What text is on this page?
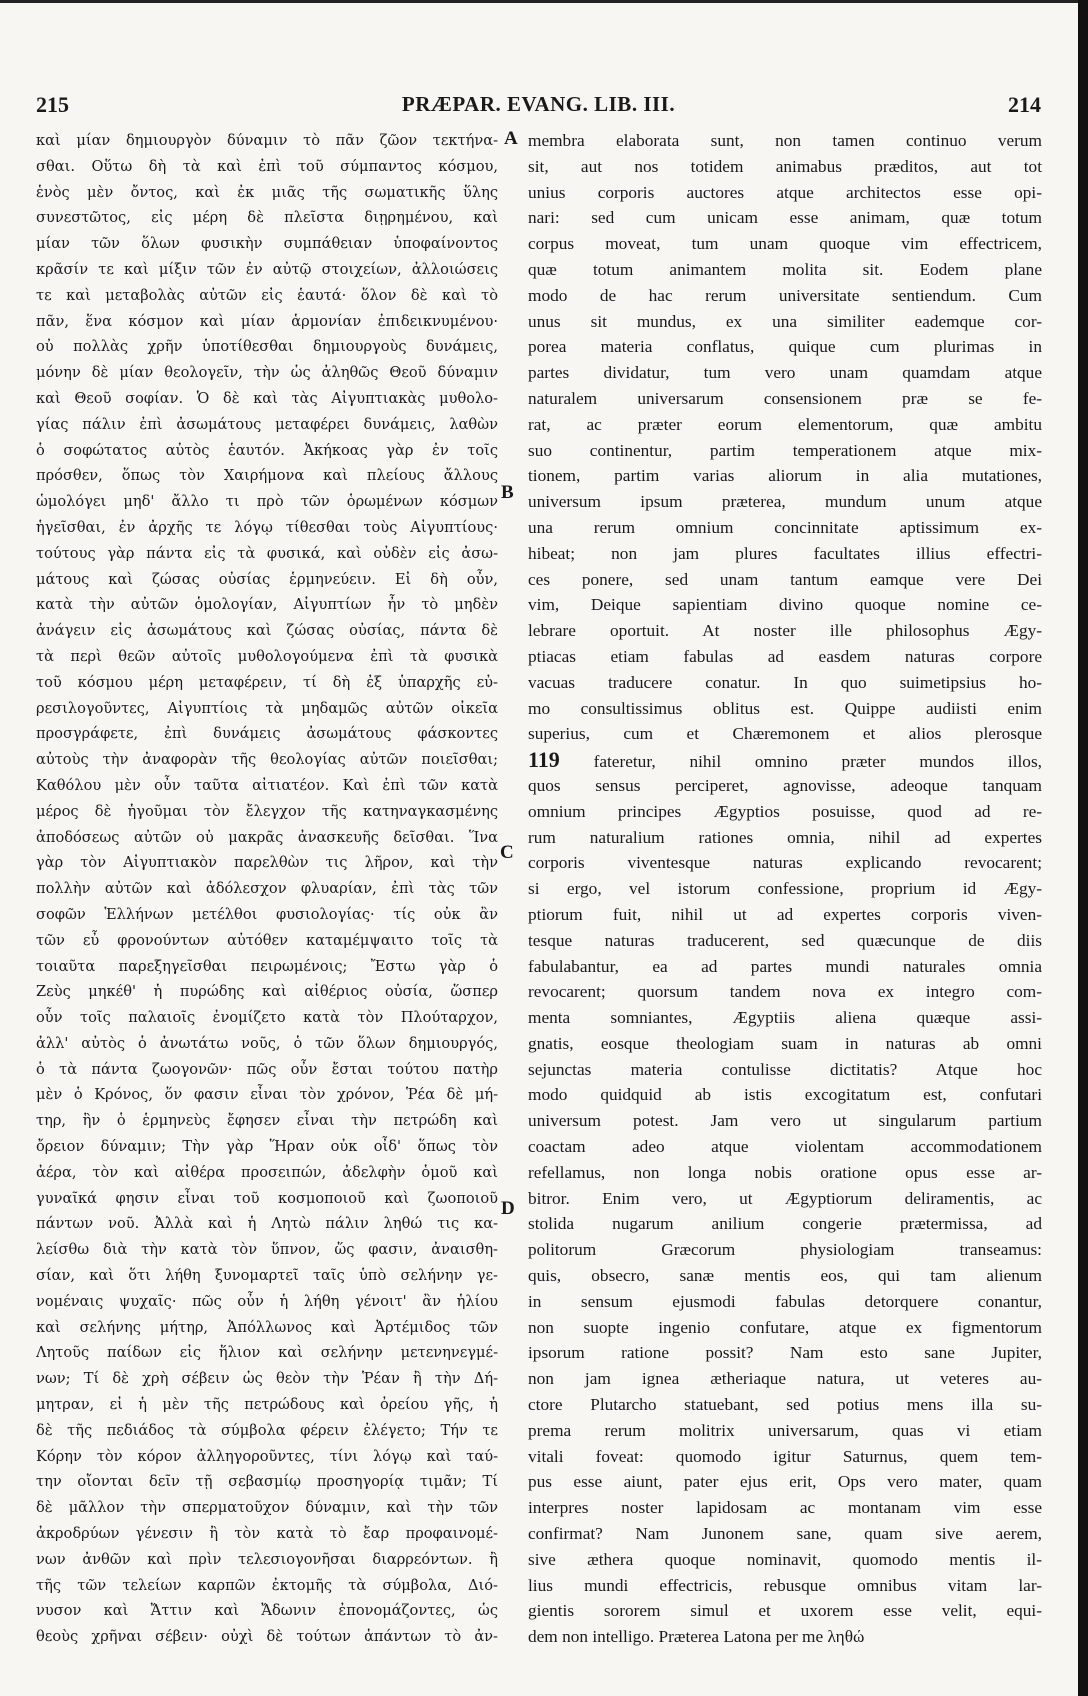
215	PRÆPAR. EVANG. LIB. III.	214
A
B
C
D
καὶ μίαν δημιουργὸν δύναμιν τὸ πᾶν ζῶον τεκτήνα-
σθαι. Οὕτω δὴ τὰ καὶ ἐπὶ τοῦ σύμπαντος κόσμου,
ἑνὸς μὲν ὄντος, καὶ ἐκ μιᾶς τῆς σωματικῆς ὕλης
συνεστῶτος, εἰς μέρη δὲ πλεῖστα διῃρημένου, καὶ
μίαν τῶν ὅλων φυσικὴν συμπάθειαν ὑποφαίνοντος
κρᾶσίν τε καὶ μίξιν τῶν ἐν αὐτῷ στοιχείων, ἀλλοιώσεις
τε καὶ μεταβολὰς αὐτῶν εἰς ἑαυτά· ὅλον δὲ καὶ τὸ
πᾶν, ἕνα κόσμον καὶ μίαν ἁρμονίαν ἐπιδεικνυμένου·
οὐ πολλὰς χρῆν ὑποτίθεσθαι δημιουργοὺς δυνάμεις,
μόνην δὲ μίαν θεολογεῖν, τὴν ὡς ἀληθῶς Θεοῦ δύναμιν
καὶ Θεοῦ σοφίαν. Ὁ δὲ καὶ τὰς Αἰγυπτιακὰς μυθολο-
γίας πάλιν ἐπὶ ἀσωμάτους μεταφέρει δυνάμεις, λαθὼν
ὁ σοφώτατος αὐτὸς ἑαυτόν. Ἀκήκοας γὰρ ἐν τοῖς
πρόσθεν, ὅπως τὸν Χαιρήμονα καὶ πλείους ἄλλους
ὡμολόγει μηδ' ἄλλο τι πρὸ τῶν ὁρωμένων κόσμων
ἡγεῖσθαι, ἐν ἀρχῆς τε λόγῳ τίθεσθαι τοὺς Αἰγυπτίους·
τούτους γὰρ πάντα εἰς τὰ φυσικά, καὶ οὐδὲν εἰς ἀσω-
μάτους καὶ ζώσας οὐσίας ἑρμηνεύειν. Εἰ δὴ οὖν,
κατὰ τὴν αὐτῶν ὁμολογίαν, Αἰγυπτίων ἦν τὸ μηδὲν
ἀνάγειν εἰς ἀσωμάτους καὶ ζώσας οὐσίας, πάντα δὲ
τὰ περὶ θεῶν αὐτοῖς μυθολογούμενα ἐπὶ τὰ φυσικὰ
τοῦ κόσμου μέρη μεταφέρειν, τί δὴ ἐξ ὑπαρχῆς εὐ-
ρεσιλογοῦντες, Αἰγυπτίοις τὰ μηδαμῶς αὐτῶν οἰκεῖα
προσγράφετε, ἐπὶ δυνάμεις ἀσωμάτους φάσκοντες
αὐτοὺς τὴν ἀναφορὰν τῆς θεολογίας αὐτῶν ποιεῖσθαι;
Καθόλου μὲν οὖν ταῦτα αἰτιατέον. Καὶ ἐπὶ τῶν κατὰ
μέρος δὲ ἡγοῦμαι τὸν ἔλεγχον τῆς κατηναγκασμένης
ἀποδόσεως αὐτῶν οὐ μακρᾶς ἀνασκευῆς δεῖσθαι. Ἵνα
γὰρ τὸν Αἰγυπτιακὸν παρελθὼν τις λῆρον, καὶ τὴν
πολλὴν αὐτῶν καὶ ἀδόλεσχον φλυαρίαν, ἐπὶ τὰς τῶν
σοφῶν Ἑλλήνων μετέλθοι φυσιολογίας· τίς οὐκ ἂν
τῶν εὖ φρονούντων αὐτόθεν καταμέμψαιτο τοῖς τὰ
τοιαῦτα παρεξηγεῖσθαι πειρωμένοις; Ἔστω γὰρ ὁ
Ζεὺς μηκέθ' ἡ πυρώδης καὶ αἰθέριος οὐσία, ὥσπερ
οὖν τοῖς παλαιοῖς ἐνομίζετο κατὰ τὸν Πλούταρχον,
ἀλλ' αὐτὸς ὁ ἀνωτάτω νοῦς, ὁ τῶν ὅλων δημιουργός,
ὁ τὰ πάντα ζωογονῶν· πῶς οὖν ἔσται τούτου πατὴρ
μὲν ὁ Κρόνος, ὅν φασιν εἶναι τὸν χρόνον, Ῥέα δὲ μή-
τηρ, ἣν ὁ ἑρμηνεὺς ἔφησεν εἶναι τὴν πετρώδη καὶ
ὄρειον δύναμιν; Τὴν γὰρ Ἥραν οὐκ οἶδ' ὅπως τὸν
ἀέρα, τὸν καὶ αἰθέρα προσειπών, ἀδελφὴν ὁμοῦ καὶ
γυναῖκά φησιν εἶναι τοῦ κοσμοποιοῦ καὶ ζωοποιοῦ
πάντων νοῦ. Ἀλλὰ καὶ ἡ Λητὼ πάλιν ληθώ τις κα-
λείσθω διὰ τὴν κατὰ τὸν ὕπνον, ὥς φασιν, ἀναισθη-
σίαν, καὶ ὅτι λήθη ξυνομαρτεῖ ταῖς ὑπὸ σελήνην γε-
νομέναις ψυχαῖς· πῶς οὖν ἡ λήθη γένοιτ' ἂν ἡλίου
καὶ σελήνης μήτηρ, Ἀπόλλωνος καὶ Ἀρτέμιδος τῶν
Λητοῦς παίδων εἰς ἥλιον καὶ σελήνην μετενηνεγμέ-
νων; Τί δὲ χρὴ σέβειν ὡς θεὸν τὴν Ῥέαν ἢ τὴν Δή-
μητραν, εἰ ἡ μὲν τῆς πετρώδους καὶ ὀρείου γῆς, ἡ
δὲ τῆς πεδιάδος τὰ σύμβολα φέρειν ἐλέγετο; Τήν τε
Κόρην τὸν κόρον ἀλληγοροῦντες, τίνι λόγῳ καὶ ταύ-
την οἴονται δεῖν τῇ σεβασμίῳ προσηγορίᾳ τιμᾶν; Τί
δὲ μᾶλλον τὴν σπερματοῦχον δύναμιν, καὶ τὴν τῶν
ἀκροδρύων γένεσιν ἢ τὸν κατὰ τὸ ἔαρ προφαινομέ-
νων ἀνθῶν καὶ πρὶν τελεσιογονῆσαι διαρρεόντων. ἢ
τῆς τῶν τελείων καρπῶν ἐκτομῆς τὰ σύμβολα, Διό-
νυσον καὶ Ἄττιν καὶ Ἄδωνιν ἐπονομάζοντες, ὡς
θεοὺς χρῆναι σέβειν· οὐχὶ δὲ τούτων ἁπάντων τὸ ἀν-
membra elaborata sunt, non tamen continuo verum
sit, aut nos totidem animabus præditos, aut tot
unius corporis auctores atque architectos esse opi-
nari: sed cum unicam esse animam, quæ totum
corpus moveat, tum unam quoque vim effectricem,
quæ totum animantem molita sit. Eodem plane
modo de hac rerum universitate sentiendum. Cum
unus sit mundus, ex una similiter eademque cor-
porea materia conflatus, quique cum plurimas in
partes dividatur, tum vero unam quamdam atque
naturalem universarum consensionem præ se fe-
rat, ac præter eorum elementorum, quæ ambitu
suo continentur, partim temperationem atque mix-
tionem, partim varias aliorum in alia mutationes,
universum ipsum præterea, mundum unum atque
una rerum omnium concinnitate aptissimum ex-
hibeat; non jam plures facultates illius effectri-
ces ponere, sed unam tantum eamque vere Dei
vim, Deique sapientiam divino quoque nomine ce-
lebrare oportuit. At noster ille philosophus Ægy-
ptiacas etiam fabulas ad easdem naturas corpore
vacuas traducere conatur. In quo suimetipsius ho-
mo consultissimus oblitus est. Quippe audiisti enim
superius, cum et Chæremonem et alios plerosque
119 fateretur, nihil omnino præter mundos illos,
quos sensus perciperet, agnovisse, adeoque tanquam
omnium principes Ægyptios posuisse, quod ad re-
rum naturalium rationes omnia, nihil ad expertes
corporis viventesque naturas explicando revocarent;
si ergo, vel istorum confessione, proprium id Ægy-
ptiorum fuit, nihil ut ad expertes corporis viven-
tesque naturas traducerent, sed quæcunque de diis
fabulabantur, ea ad partes mundi naturales omnia
revocarent; quorsum tandem nova ex integro com-
menta somniantes, Ægyptiis aliena quæque assi-
gnatis, eosque theologiam suam in naturas ab omni
sejunctas materia contulisse dictitatis? Atque hoc
modo quidquid ab istis excogitatum est, confutari
universum potest. Jam vero ut singularum partium
coactam adeo atque violentam accommodationem
refellamus, non longa nobis oratione opus esse ar-
bitror. Enim vero, ut Ægyptiorum deliramentis, ac
stolida nugarum anilium congerie prætermissa, ad
politorum Græcorum physiologiam transeamus:
quis, obsecro, sanæ mentis eos, qui tam alienum
in sensum ejusmodi fabulas detorquere conantur,
non suopte ingenio confutare, atque ex figmentorum
ipsorum ratione possit? Nam esto sane Jupiter,
non jam ignea ætheriaque natura, ut veteres au-
ctore Plutarcho statuebant, sed potius mens illa su-
prema rerum molitrix universarum, quas vi etiam
vitali foveat: quomodo igitur Saturnus, quem tem-
pus esse aiunt, pater ejus erit, Ops vero mater, quam
interpres noster lapidosam ac montanam vim esse
confirmat? Nam Junonem sane, quam sive aerem,
sive æthera quoque nominavit, quomodo mentis il-
lius mundi effectricis, rebusque omnibus vitam lar-
gientis sororem simul et uxorem esse velit, equi-
dem non intelligo. Præterea Latona per me ληθώ
